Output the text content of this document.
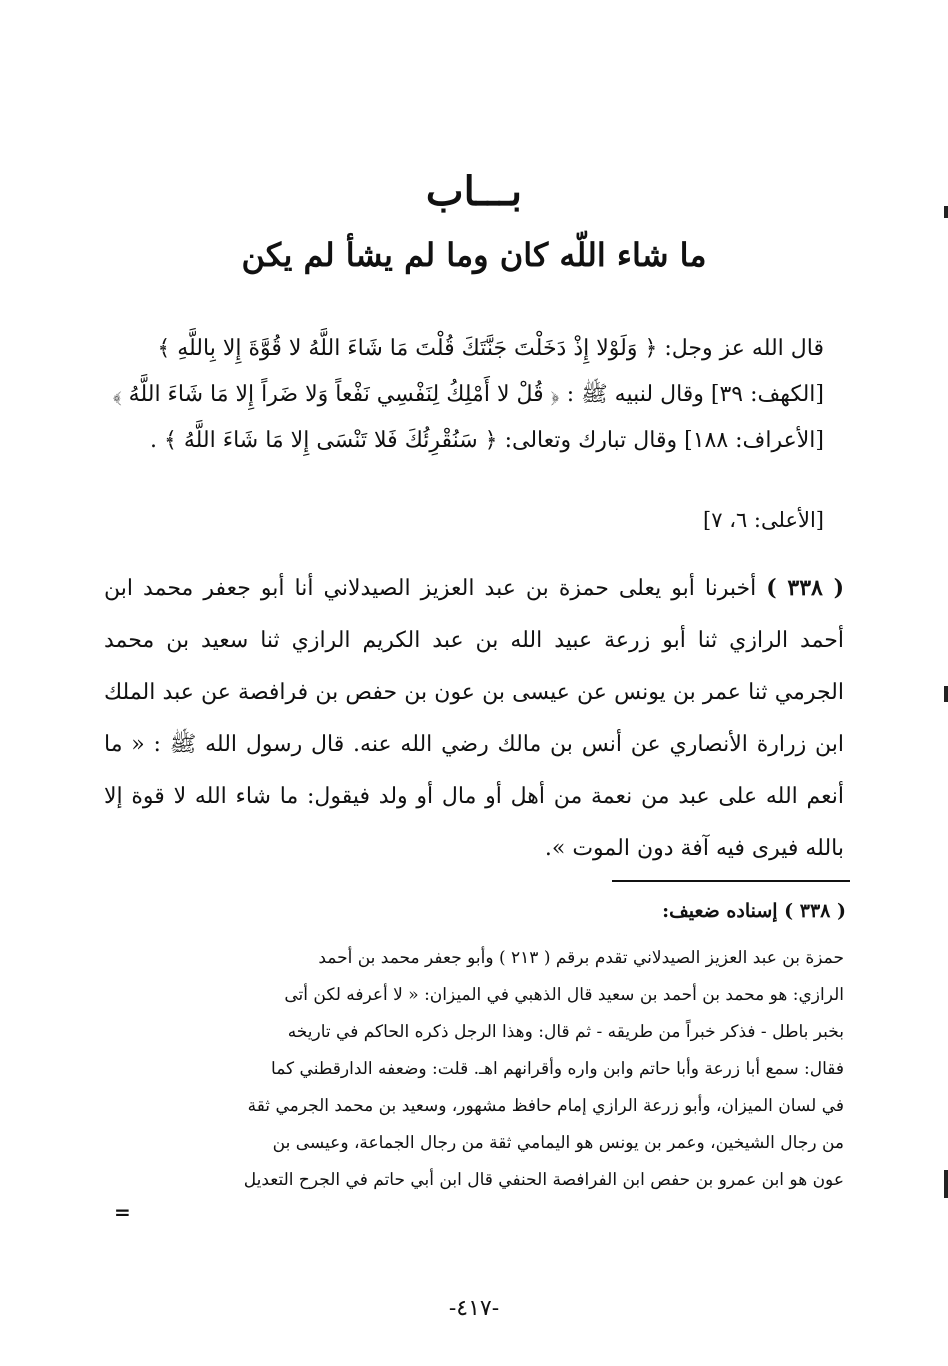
بـــاب
ما شاء اللّه كان وما لم يشأ لم يكن
قال الله عز وجل: ﴿ وَلَوْلا إِذْ دَخَلْتَ جَنَّتَكَ قُلْتَ مَا شَاءَ اللَّهُ لا قُوَّةَ إِلا بِاللَّهِ ﴾
[الكهف: ٣٩] وقال لنبيه ﷺ : ﴿ قُلْ لا أَمْلِكُ لِنَفْسِي نَفْعاً وَلا ضَراً إِلا مَا شَاءَ اللَّهُ ﴾
[الأعراف: ١٨٨] وقال تبارك وتعالى: ﴿ سَنُقْرِئُكَ فَلا تَنْسَى إِلا مَا شَاءَ اللَّهُ ﴾ .
[الأعلى: ٦، ٧]
( ٣٣٨ ) أخبرنا أبو يعلى حمزة بن عبد العزيز الصيدلاني أنا أبو جعفر محمد ابن أحمد الرازي ثنا أبو زرعة عبيد الله بن عبد الكريم الرازي ثنا سعيد بن محمد الجرمي ثنا عمر بن يونس عن عيسى بن عون بن حفص بن فرافصة عن عبد الملك ابن زرارة الأنصاري عن أنس بن مالك رضي الله عنه. قال رسول الله ﷺ : « ما أنعم الله على عبد من نعمة من أهل أو مال أو ولد فيقول: ما شاء الله لا قوة إلا بالله فيرى فيه آفة دون الموت ».
( ٣٣٨ ) إسناده ضعيف:
حمزة بن عبد العزيز الصيدلاني تقدم برقم ( ٢١٣ ) وأبو جعفر محمد بن أحمد
الرازي: هو محمد بن أحمد بن سعيد قال الذهبي في الميزان: « لا أعرفه لكن أتى
بخبر باطل - فذكر خبراً من طريقه - ثم قال: وهذا الرجل ذكره الحاكم في تاريخه
فقال: سمع أبا زرعة وأبا حاتم وابن واره وأقرانهم اهـ. قلت: وضعفه الدارقطني كما
في لسان الميزان، وأبو زرعة الرازي إمام حافظ مشهور، وسعيد بن محمد الجرمي ثقة
من رجال الشيخين، وعمر بن يونس هو اليمامي ثقة من رجال الجماعة، وعيسى بن
عون هو ابن عمرو بن حفص ابن الفرافصة الحنفي قال ابن أبي حاتم في الجرح التعديل
=
-٤١٧-
